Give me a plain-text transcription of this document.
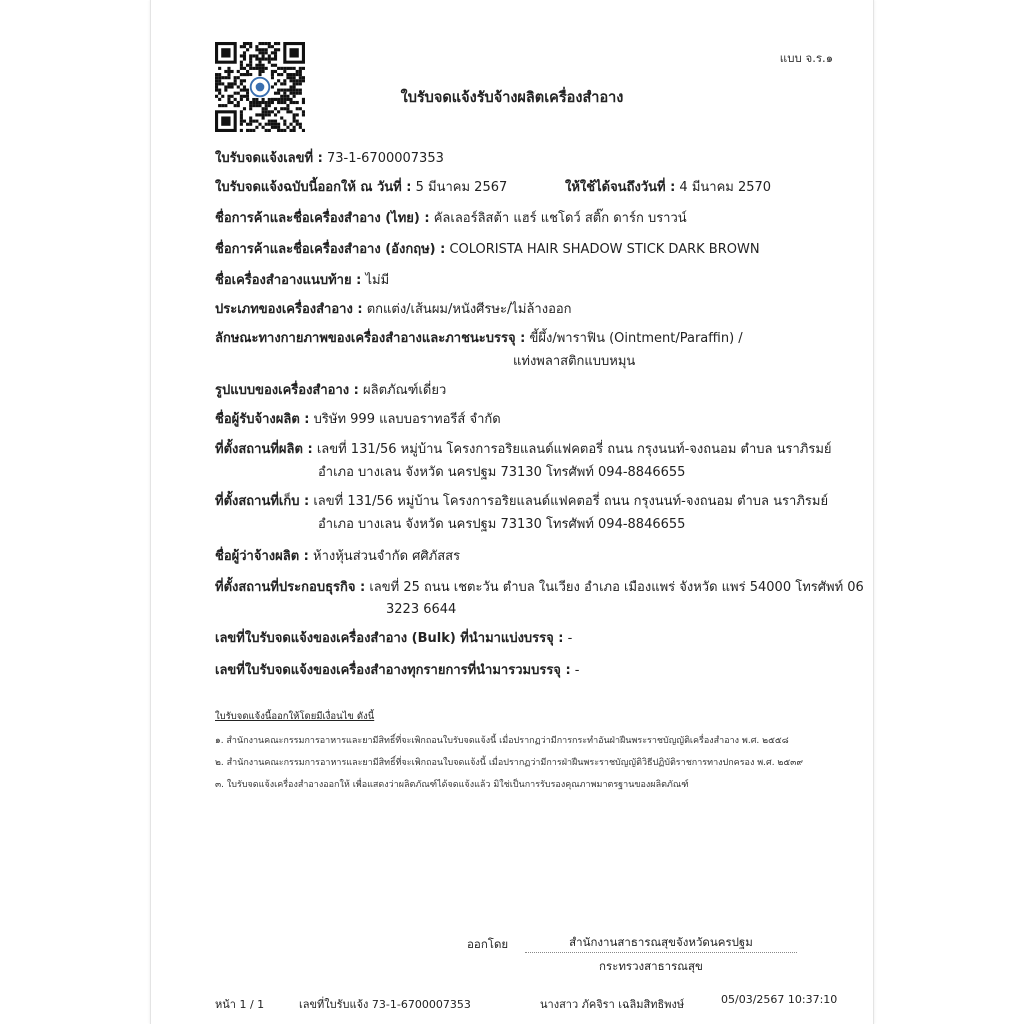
แบบ จ.ร.๑
ใบรับจดแจ้งรับจ้างผลิตเครื่องสำอาง
ใบรับจดแจ้งเลขที่ : 73-1-6700007353
ใบรับจดแจ้งฉบับนี้ออกให้ ณ วันที่ : 5 มีนาคม 2567	ให้ใช้ได้จนถึงวันที่ : 4 มีนาคม 2570
ชื่อการค้าและชื่อเครื่องสำอาง (ไทย) : คัลเลอร์ลิสต้า แฮร์ แชโดว์ สติ๊ก ดาร์ก บราวน์
ชื่อการค้าและชื่อเครื่องสำอาง (อังกฤษ) : COLORISTA HAIR SHADOW STICK DARK BROWN
ชื่อเครื่องสำอางแนบท้าย : ไม่มี
ประเภทของเครื่องสำอาง : ตกแต่ง/เส้นผม/หนังศีรษะ/ไม่ล้างออก
ลักษณะทางกายภาพของเครื่องสำอางและภาชนะบรรจุ : ขี้ผึ้ง/พาราฟิน (Ointment/Paraffin) /
แท่งพลาสติกแบบหมุน
รูปแบบของเครื่องสำอาง : ผลิตภัณฑ์เดี่ยว
ชื่อผู้รับจ้างผลิต : บริษัท 999 แลบบอราทอรีส์ จำกัด
ที่ตั้งสถานที่ผลิต : เลขที่ 131/56 หมู่บ้าน โครงการอริยแลนด์แฟคตอรี่ ถนน กรุงนนท์-จงถนอม ตำบล นราภิรมย์
อำเภอ บางเลน จังหวัด นครปฐม 73130 โทรศัพท์ 094-8846655
ที่ตั้งสถานที่เก็บ : เลขที่ 131/56 หมู่บ้าน โครงการอริยแลนด์แฟคตอรี่ ถนน กรุงนนท์-จงถนอม ตำบล นราภิรมย์
อำเภอ บางเลน จังหวัด นครปฐม 73130 โทรศัพท์ 094-8846655
ชื่อผู้ว่าจ้างผลิต : ห้างหุ้นส่วนจำกัด ศศิภัสสร
ที่ตั้งสถานที่ประกอบธุรกิจ : เลขที่ 25 ถนน เชตะวัน ตำบล ในเวียง อำเภอ เมืองแพร่ จังหวัด แพร่ 54000 โทรศัพท์ 06
3223 6644
เลขที่ใบรับจดแจ้งของเครื่องสำอาง (Bulk) ที่นำมาแบ่งบรรจุ : -
เลขที่ใบรับจดแจ้งของเครื่องสำอางทุกรายการที่นำมารวมบรรจุ : -
ใบรับจดแจ้งนี้ออกให้โดยมีเงื่อนไข ดังนี้
๑. สำนักงานคณะกรรมการอาหารและยามีสิทธิ์ที่จะเพิกถอนใบรับจดแจ้งนี้ เมื่อปรากฏว่ามีการกระทำอันฝ่าฝืนพระราชบัญญัติเครื่องสำอาง พ.ศ. ๒๕๕๘
๒. สำนักงานคณะกรรมการอาหารและยามีสิทธิ์ที่จะเพิกถอนใบจดแจ้งนี้ เมื่อปรากฏว่ามีการฝ่าฝืนพระราชบัญญัติวิธีปฏิบัติราชการทางปกครอง พ.ศ. ๒๕๓๙
๓. ใบรับจดแจ้งเครื่องสำอางออกให้ เพื่อแสดงว่าผลิตภัณฑ์ได้จดแจ้งแล้ว มิใช่เป็นการรับรองคุณภาพมาตรฐานของผลิตภัณฑ์
ออกโดย	สำนักงานสาธารณสุขจังหวัดนครปฐม
กระทรวงสาธารณสุข
หน้า 1 / 1	เลขที่ใบรับแจ้ง 73-1-6700007353	นางสาว ภัคจิรา เฉลิมสิทธิพงษ์	05/03/2567 10:37:10
